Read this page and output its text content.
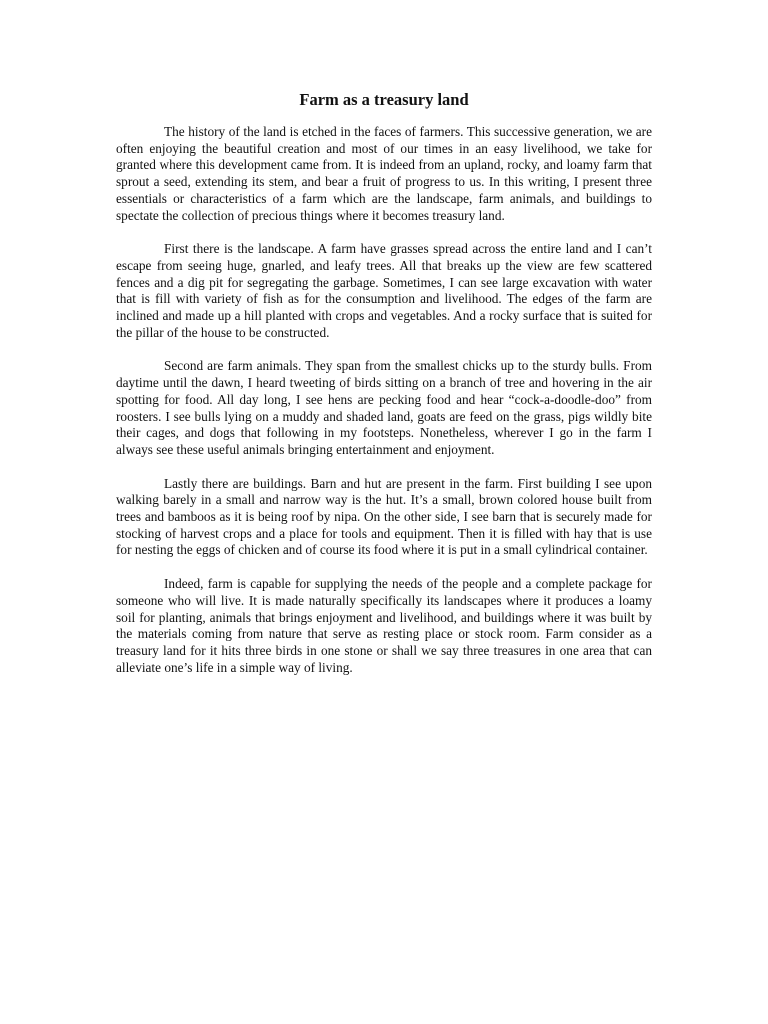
Farm as a treasury land

The history of the land is etched in the faces of farmers. This successive generation, we are often enjoying the beautiful creation and most of our times in an easy livelihood, we take for granted where this development came from. It is indeed from an upland, rocky, and loamy farm that sprout a seed, extending its stem, and bear a fruit of progress to us. In this writing, I present three essentials or characteristics of a farm which are the landscape, farm animals, and buildings to spectate the collection of precious things where it becomes treasury land.

First there is the landscape. A farm have grasses spread across the entire land and I can’t escape from seeing huge, gnarled, and leafy trees. All that breaks up the view are few scattered fences and a dig pit for segregating the garbage. Sometimes, I can see large excavation with water that is fill with variety of fish as for the consumption and livelihood. The edges of the farm are inclined and made up a hill planted with crops and vegetables. And a rocky surface that is suited for the pillar of the house to be constructed.

Second are farm animals. They span from the smallest chicks up to the sturdy bulls. From daytime until the dawn, I heard tweeting of birds sitting on a branch of tree and hovering in the air spotting for food. All day long, I see hens are pecking food and hear “cock-a-doodle-doo” from roosters. I see bulls lying on a muddy and shaded land, goats are feed on the grass, pigs wildly bite their cages, and dogs that following in my footsteps. Nonetheless, wherever I go in the farm I always see these useful animals bringing entertainment and enjoyment.

Lastly there are buildings. Barn and hut are present in the farm. First building I see upon walking barely in a small and narrow way is the hut. It’s a small, brown colored house built from trees and bamboos as it is being roof by nipa. On the other side, I see barn that is securely made for stocking of harvest crops and a place for tools and equipment. Then it is filled with hay that is use for nesting the eggs of chicken and of course its food where it is put in a small cylindrical container.

Indeed, farm is capable for supplying the needs of the people and a complete package for someone who will live. It is made naturally specifically its landscapes where it produces a loamy soil for planting, animals that brings enjoyment and livelihood, and buildings where it was built by the materials coming from nature that serve as resting place or stock room. Farm consider as a treasury land for it hits three birds in one stone or shall we say three treasures in one area that can alleviate one’s life in a simple way of living.
